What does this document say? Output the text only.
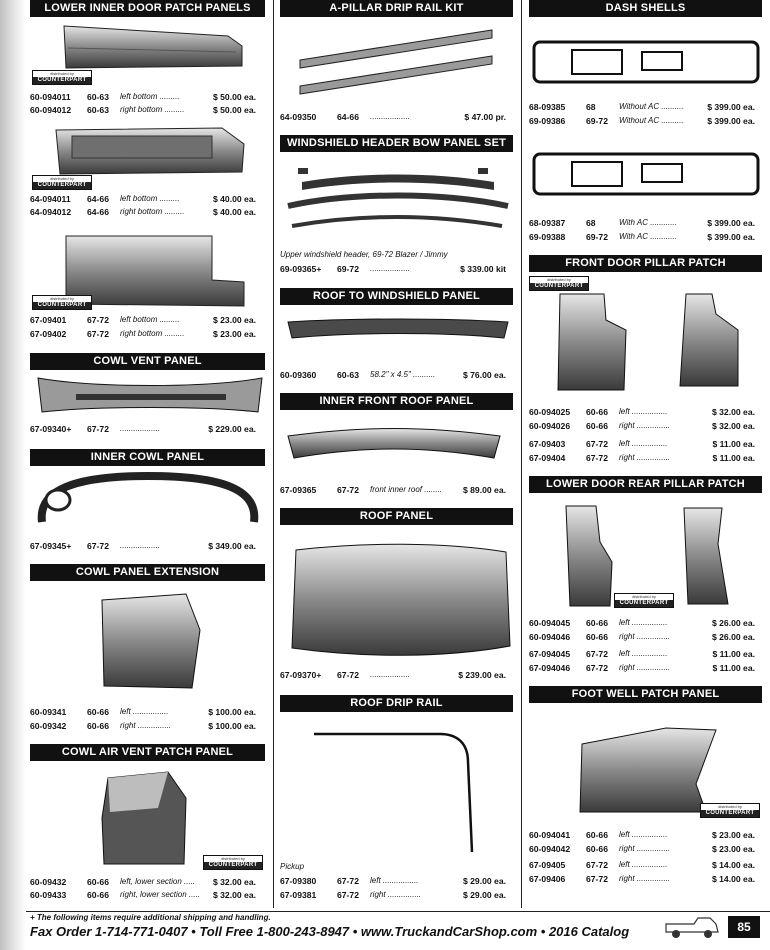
LOWER INNER DOOR PATCH PANELS
distributed by
COUNTERPART
60-094011 60-63 left bottom .........	$ 50.00 ea.
60-094012 60-63 right bottom .........	$ 50.00 ea.
distributed by
COUNTERPART
64-094011 64-66 left bottom .........	$ 40.00 ea.
64-094012 64-66 right bottom .........	$ 40.00 ea.
distributed by
COUNTERPART
67-09401 67-72 left bottom .........	$ 23.00 ea.
67-09402 67-72 right bottom .........	$ 23.00 ea.
COWL VENT PANEL
67-09340+ 67-72 ..................	$ 229.00 ea.
INNER COWL PANEL
67-09345+ 67-72 ..................	$ 349.00 ea.
COWL PANEL EXTENSION
60-09341 60-66 left ................	$ 100.00 ea.
60-09342 60-66 right ...............	$ 100.00 ea.
COWL AIR VENT PATCH PANEL
distributed by
COUNTERPART
60-09432 60-66 left, lower section ..... $ 32.00 ea.
60-09433 60-66 right, lower section ..... $ 32.00 ea.
A-PILLAR DRIP RAIL KIT
64-09350 64-66 ..................	$ 47.00 pr.
WINDSHIELD HEADER BOW PANEL SET
Upper windshield header, 69-72 Blazer / Jimmy
69-09365+ 69-72 ..................	$ 339.00 kit
ROOF TO WINDSHIELD PANEL
60-09360 60-63 58.2" x 4.5" ..........	$ 76.00 ea.
INNER FRONT ROOF PANEL
67-09365 67-72 front inner roof ........ $ 89.00 ea.
ROOF PANEL
67-09370+ 67-72 ..................	$ 239.00 ea.
ROOF DRIP RAIL
Pickup
67-09380 67-72 left ................	$ 29.00 ea.
67-09381 67-72 right ...............	$ 29.00 ea.
DASH SHELLS
68-09385 68	Without AC ..........	$ 399.00 ea.
69-09386 69-72 Without AC ..........	$ 399.00 ea.
68-09387 68	With AC ............	$ 399.00 ea.
69-09388 69-72 With AC ............	$ 399.00 ea.
FRONT DOOR PILLAR PATCH
distributed by
COUNTERPART
60-094025 60-66 left ................	$ 32.00 ea.
60-094026 60-66 right ...............	$ 32.00 ea.
67-09403 67-72 left ................	$ 11.00 ea.
67-09404 67-72 right ...............	$ 11.00 ea.
LOWER DOOR REAR PILLAR PATCH
distributed by
COUNTERPART
60-094045 60-66 left ................	$ 26.00 ea.
60-094046 60-66 right ...............	$ 26.00 ea.
67-094045 67-72 left ................	$ 11.00 ea.
67-094046 67-72 right ...............	$ 11.00 ea.
FOOT WELL PATCH PANEL
distributed by
COUNTERPART
60-094041 60-66 left ................	$ 23.00 ea.
60-094042 60-66 right ...............	$ 23.00 ea.
67-09405 67-72 left ................	$ 14.00 ea.
67-09406 67-72 right ...............	$ 14.00 ea.
+ The following items require additional shipping and handling.
Fax Order 1-714-771-0407 • Toll Free 1-800-243-8947 • www.TruckandCarShop.com • 2016 Catalog	85
